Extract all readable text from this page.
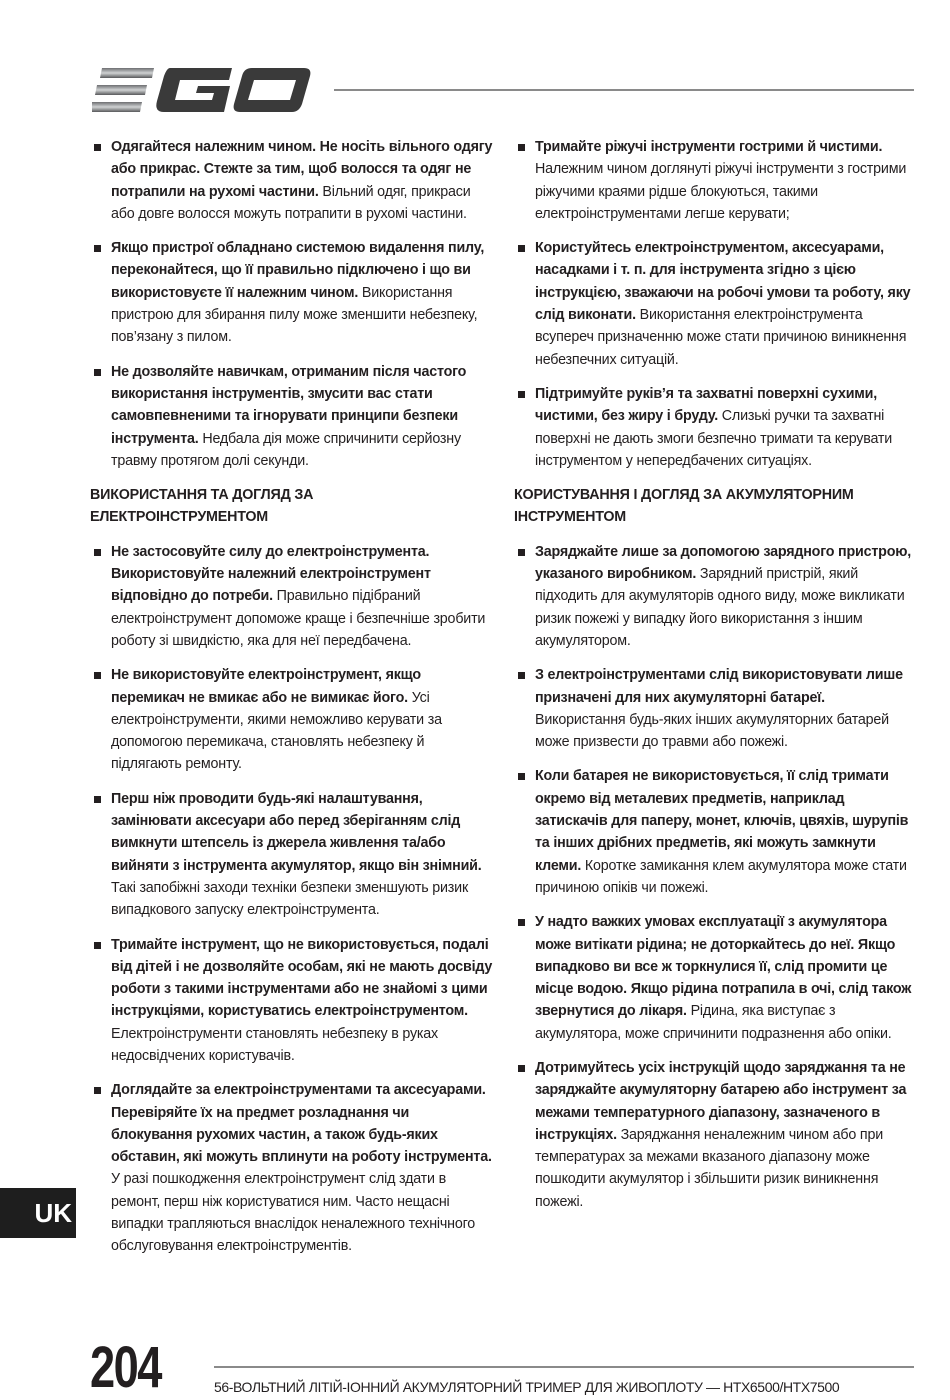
Одягайтеся належним чином. Не носіть вільного одягу або прикрас. Стежте за тим, щоб волосся та одяг не потрапили на рухомі частини. Вільний одяг, прикраси або довге волосся можуть потрапити в рухомі частини.
Якщо пристрої обладнано системою видалення пилу, переконайтеся, що її правильно підключено і що ви використовуєте її належним чином. Використання пристрою для збирання пилу може зменшити небезпеку, пов’язану з пилом.
Не дозволяйте навичкам, отриманим після частого використання інструментів, змусити вас стати самовпевненими та ігнорувати принципи безпеки інструмента. Недбала дія може спричинити серйозну травму протягом долі секунди.
ВИКОРИСТАННЯ ТА ДОГЛЯД ЗА ЕЛЕКТРОІНСТРУМЕНТОМ
Не застосовуйте силу до електроінструмента. Використовуйте належний електроінструмент відповідно до потреби. Правильно підібраний електроінструмент допоможе краще і безпечніше зробити роботу зі швидкістю, яка для неї передбачена.
Не використовуйте електроінструмент, якщо перемикач не вмикає або не вимикає його. Усі електроінструменти, якими неможливо керувати за допомогою перемикача, становлять небезпеку й підлягають ремонту.
Перш ніж проводити будь-які налаштування, замінювати аксесуари або перед зберіганням слід вимкнути штепсель із джерела живлення та/або вийняти з інструмента акумулятор, якщо він знімний. Такі запобіжні заходи техніки безпеки зменшують ризик випадкового запуску електроінструмента.
Тримайте інструмент, що не використовується, подалі від дітей і не дозволяйте особам, які не мають досвіду роботи з такими інструментами або не знайомі з цими інструкціями, користуватись електроінструментом. Електроінструменти становлять небезпеку в руках недосвідчених користувачів.
Доглядайте за електроінструментами та аксесуарами. Перевіряйте їх на предмет розладнання чи блокування рухомих частин, а також будь-яких обставин, які можуть вплинути на роботу інструмента. У разі пошкодження електроінструмент слід здати в ремонт, перш ніж користуватися ним. Часто нещасні випадки трапляються внаслідок неналежного технічного обслуговування електроінструментів.
Тримайте ріжучі інструменти гострими й чистими. Належним чином доглянуті ріжучі інструменти з гострими ріжучими краями рідше блокуються, такими електроінструментами легше керувати;
Користуйтесь електроінструментом, аксесуарами, насадками і т. п. для інструмента згідно з цією інструкцією, зважаючи на робочі умови та роботу, яку слід виконати. Використання електроінструмента всупереч призначенню може стати причиною виникнення небезпечних ситуацій.
Підтримуйте руків’я та захватні поверхні сухими, чистими, без жиру і бруду. Слизькі ручки та захватні поверхні не дають змоги безпечно тримати та керувати інструментом у непередбачених ситуаціях.
КОРИСТУВАННЯ І ДОГЛЯД ЗА АКУМУЛЯТОРНИМ ІНСТРУМЕНТОМ
Заряджайте лише за допомогою зарядного пристрою, указаного виробником. Зарядний пристрій, який підходить для акумуляторів одного виду, може викликати ризик пожежі у випадку його використання з іншим акумулятором.
З електроінструментами слід використовувати лише призначені для них акумуляторні батареї. Використання будь-яких інших акумуляторних батарей може призвести до травми або пожежі.
Коли батарея не використовується, її слід тримати окремо від металевих предметів, наприклад затискачів для паперу, монет, ключів, цвяхів, шурупів та інших дрібних предметів, які можуть замкнути клеми. Коротке замикання клем акумулятора може стати причиною опіків чи пожежі.
У надто важких умовах експлуатації з акумулятора може витікати рідина; не доторкайтесь до неї. Якщо випадково ви все ж торкнулися її, слід промити це місце водою. Якщо рідина потрапила в очі, слід також звернутися до лікаря. Рідина, яка виступає з акумулятора, може спричинити подразнення або опіки.
Дотримуйтесь усіх інструкцій щодо заряджання та не заряджайте акумуляторну батарею або інструмент за межами температурного діапазону, зазначеного в інструкціях. Заряджання неналежним чином або при температурах за межами вказаного діапазону може пошкодити акумулятор і збільшити ризик виникнення пожежі.
UK
204	56-ВОЛЬТНИЙ ЛІТІЙ-ІОННИЙ АКУМУЛЯТОРНИЙ ТРИМЕР ДЛЯ ЖИВОПЛОТУ — HTX6500/HTX7500
